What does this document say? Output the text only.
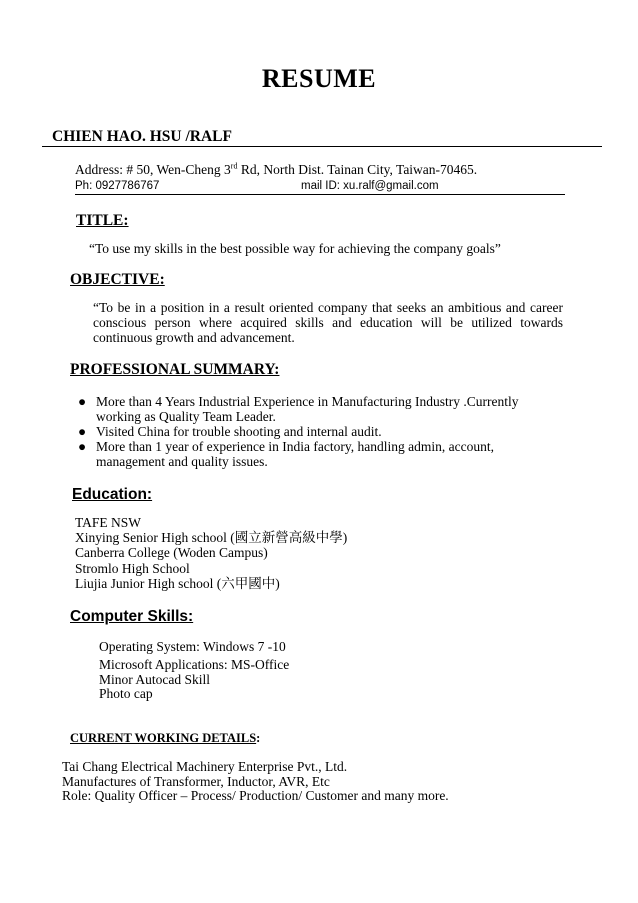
RESUME
CHIEN HAO. HSU /RALF
Address: # 50, Wen-Cheng 3rd Rd, North Dist. Tainan City, Taiwan-70465.
Ph: 0927786767	mail ID: xu.ralf@gmail.com
TITLE:
“To use my skills in the best possible way for achieving the company goals”
OBJECTIVE:
“To be in a position in a result oriented company that seeks an ambitious and career conscious person where acquired skills and education will be utilized towards continuous growth and advancement.
PROFESSIONAL SUMMARY:
● More than 4 Years Industrial Experience in Manufacturing Industry .Currently working as Quality Team Leader.
● Visited China for trouble shooting and internal audit.
● More than 1 year of experience in India factory, handling admin, account, management and quality issues.
Education:
TAFE NSW
Xinying Senior High school (國立新營高級中學)
Canberra College (Woden Campus)
Stromlo High School
Liujia Junior High school (六甲國中)
Computer Skills:
Operating System: Windows 7 -10
Microsoft Applications: MS-Office
Minor Autocad Skill
Photo cap
CURRENT WORKING DETAILS:
Tai Chang Electrical Machinery Enterprise Pvt., Ltd.
Manufactures of Transformer, Inductor, AVR, Etc
Role: Quality Officer – Process/ Production/ Customer and many more.
